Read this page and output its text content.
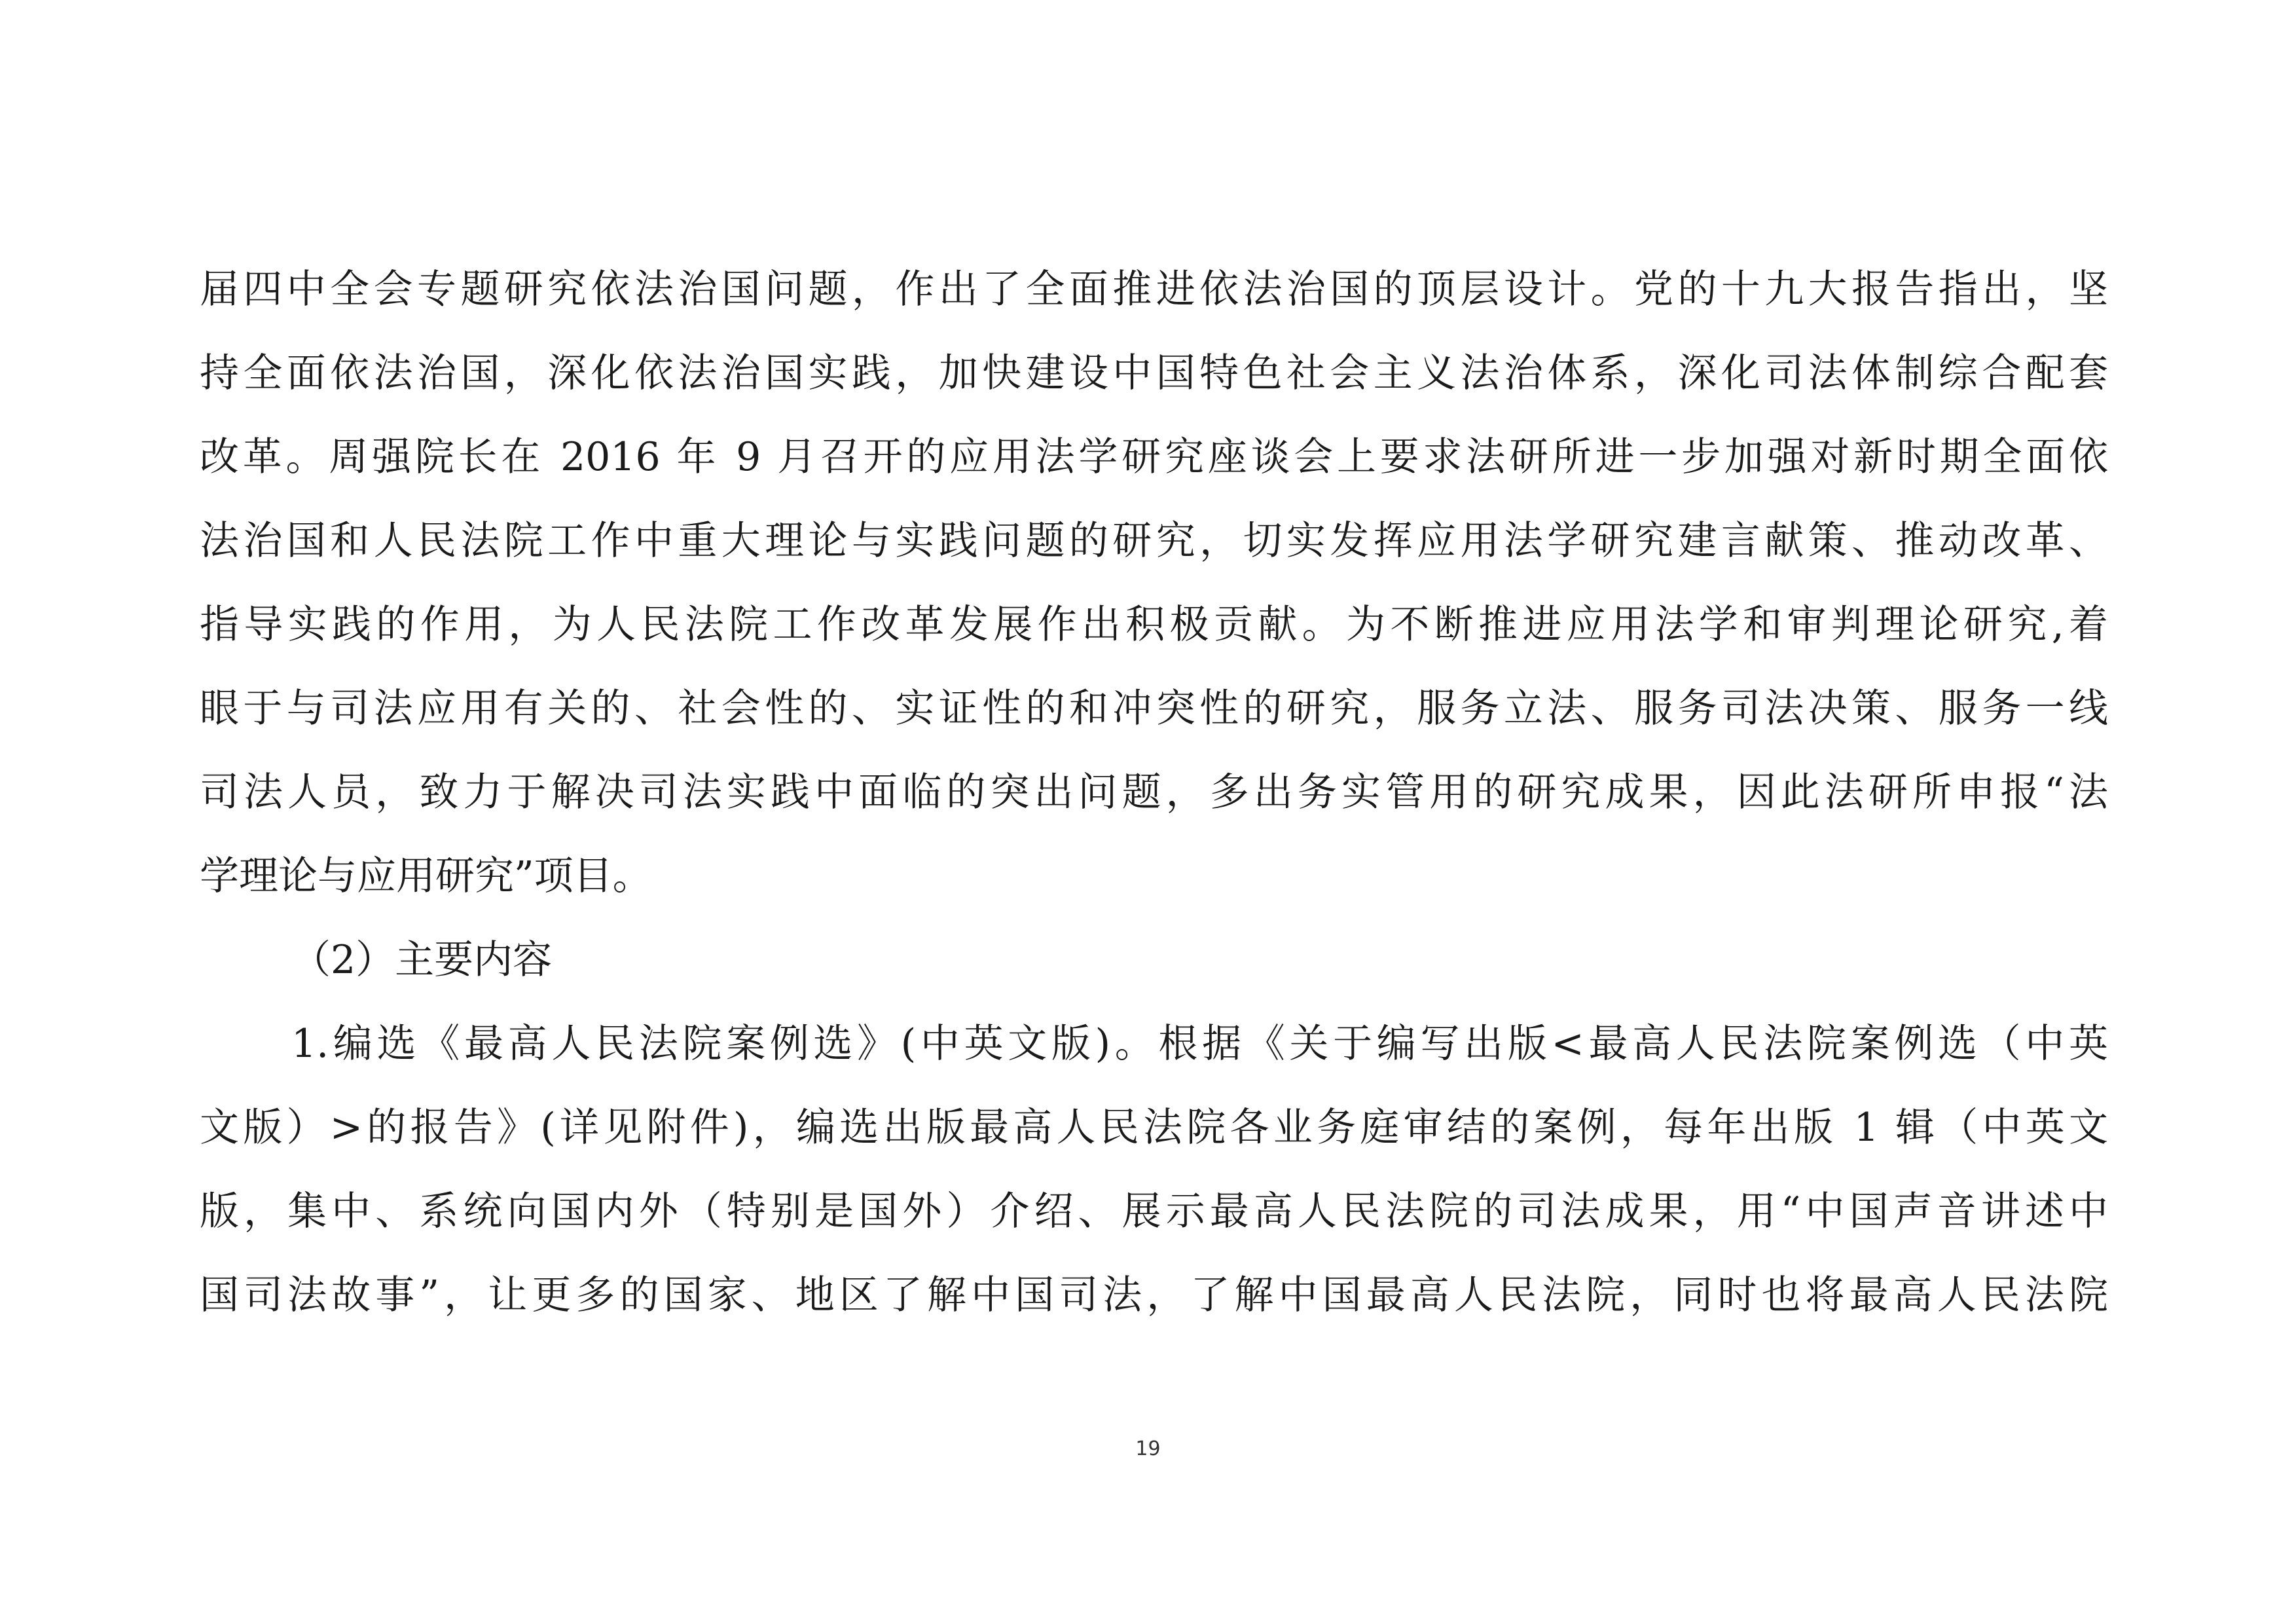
届四中全会专题研究依法治国问题，作出了全面推进依法治国的顶层设计。党的十九大报告指出，坚
持全面依法治国，深化依法治国实践，加快建设中国特色社会主义法治体系，深化司法体制综合配套
改革。周强院长在 2016 年 9 月召开的应用法学研究座谈会上要求法研所进一步加强对新时期全面依
法治国和人民法院工作中重大理论与实践问题的研究，切实发挥应用法学研究建言献策、推动改革、
指导实践的作用，为人民法院工作改革发展作出积极贡献。为不断推进应用法学和审判理论研究,着
眼于与司法应用有关的、社会性的、实证性的和冲突性的研究，服务立法、服务司法决策、服务一线
司法人员，致力于解决司法实践中面临的突出问题，多出务实管用的研究成果，因此法研所申报“法
学理论与应用研究”项目。
（2）主要内容
1.编选《最高人民法院案例选》(中英文版)。根据《关于编写出版<最高人民法院案例选（中英
文版）>的报告》(详见附件)，编选出版最高人民法院各业务庭审结的案例，每年出版 1 辑（中英文
版，集中、系统向国内外（特别是国外）介绍、展示最高人民法院的司法成果，用“中国声音讲述中
国司法故事”，让更多的国家、地区了解中国司法，了解中国最高人民法院，同时也将最高人民法院
19
